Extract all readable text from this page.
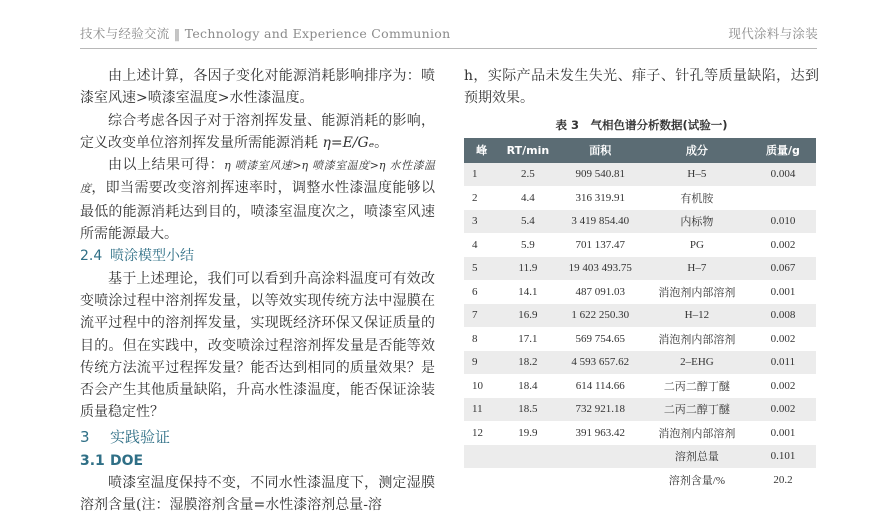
技术与经验交流 ‖ Technology and Experience Communion	现代涂料与涂装

由上述计算，各因子变化对能源消耗影响排序为：喷漆室风速>喷漆室温度>水性漆温度。

综合考虑各因子对于溶剂挥发量、能源消耗的影响，定义改变单位溶剂挥发量所需能源消耗 η=E/Gₑ。

由以上结果可得：η 喷漆室风速>η 喷漆室温度>η 水性漆温度，即当需要改变溶剂挥速率时，调整水性漆温度能够以最低的能源消耗达到目的，喷漆室温度次之，喷漆室风速所需能源最大。

2.4 喷涂模型小结

基于上述理论，我们可以看到升高涂料温度可有效改变喷涂过程中溶剂挥发量，以等效实现传统方法中湿膜在流平过程中的溶剂挥发量，实现既经济环保又保证质量的目的。但在实践中，改变喷涂过程溶剂挥发量是否能等效传统方法流平过程挥发量？能否达到相同的质量效果？是否会产生其他质量缺陷，升高水性漆温度，能否保证涂装质量稳定性？

3 实践验证
3.1 DOE

喷漆室温度保持不变，不同水性漆温度下，测定湿膜溶剂含量(注：湿膜溶剂含量=水性漆溶剂总量-溶

h，实际产品未发生失光、痱子、针孔等质量缺陷，达到预期效果。

表 3　气相色谱分析数据(试验一)
峰	RT/min	面积	成分	质量/g
1	2.5	909 540.81	H–5	0.004
2	4.4	316 319.91	有机胺	
3	5.4	3 419 854.40	内标物	0.010
4	5.9	701 137.47	PG	0.002
5	11.9	19 403 493.75	H–7	0.067
6	14.1	487 091.03	消泡剂内部溶剂	0.001
7	16.9	1 622 250.30	H–12	0.008
8	17.1	569 754.65	消泡剂内部溶剂	0.002
9	18.2	4 593 657.62	2–EHG	0.011
10	18.4	614 114.66	二丙二醇丁醚	0.002
11	18.5	732 921.18	二丙二醇丁醚	0.002
12	19.9	391 963.42	消泡剂内部溶剂	0.001
			溶剂总量	0.101
			溶剂含量/%	20.2
